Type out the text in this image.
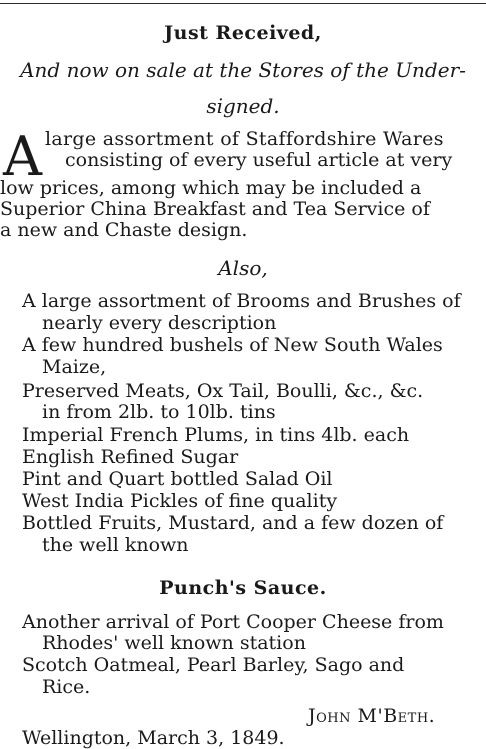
Just Received,
And now on sale at the Stores of the Under-
signed.
A large assortment of Staffordshire Wares
consisting of every useful article at very
low prices, among which may be included a
Superior China Breakfast and Tea Service of
a new and Chaste design.
Also,
A large assortment of Brooms and Brushes of
nearly every description
A few hundred bushels of New South Wales
Maize,
Preserved Meats, Ox Tail, Boulli, &c., &c.
in from 2lb. to 10lb. tins
Imperial French Plums, in tins 4lb. each
English Refined Sugar
Pint and Quart bottled Salad Oil
West India Pickles of fine quality
Bottled Fruits, Mustard, and a few dozen of
the well known
Punch's Sauce.
Another arrival of Port Cooper Cheese from
Rhodes' well known station
Scotch Oatmeal, Pearl Barley, Sago and
Rice.
John M'Beth.
Wellington, March 3, 1849.
